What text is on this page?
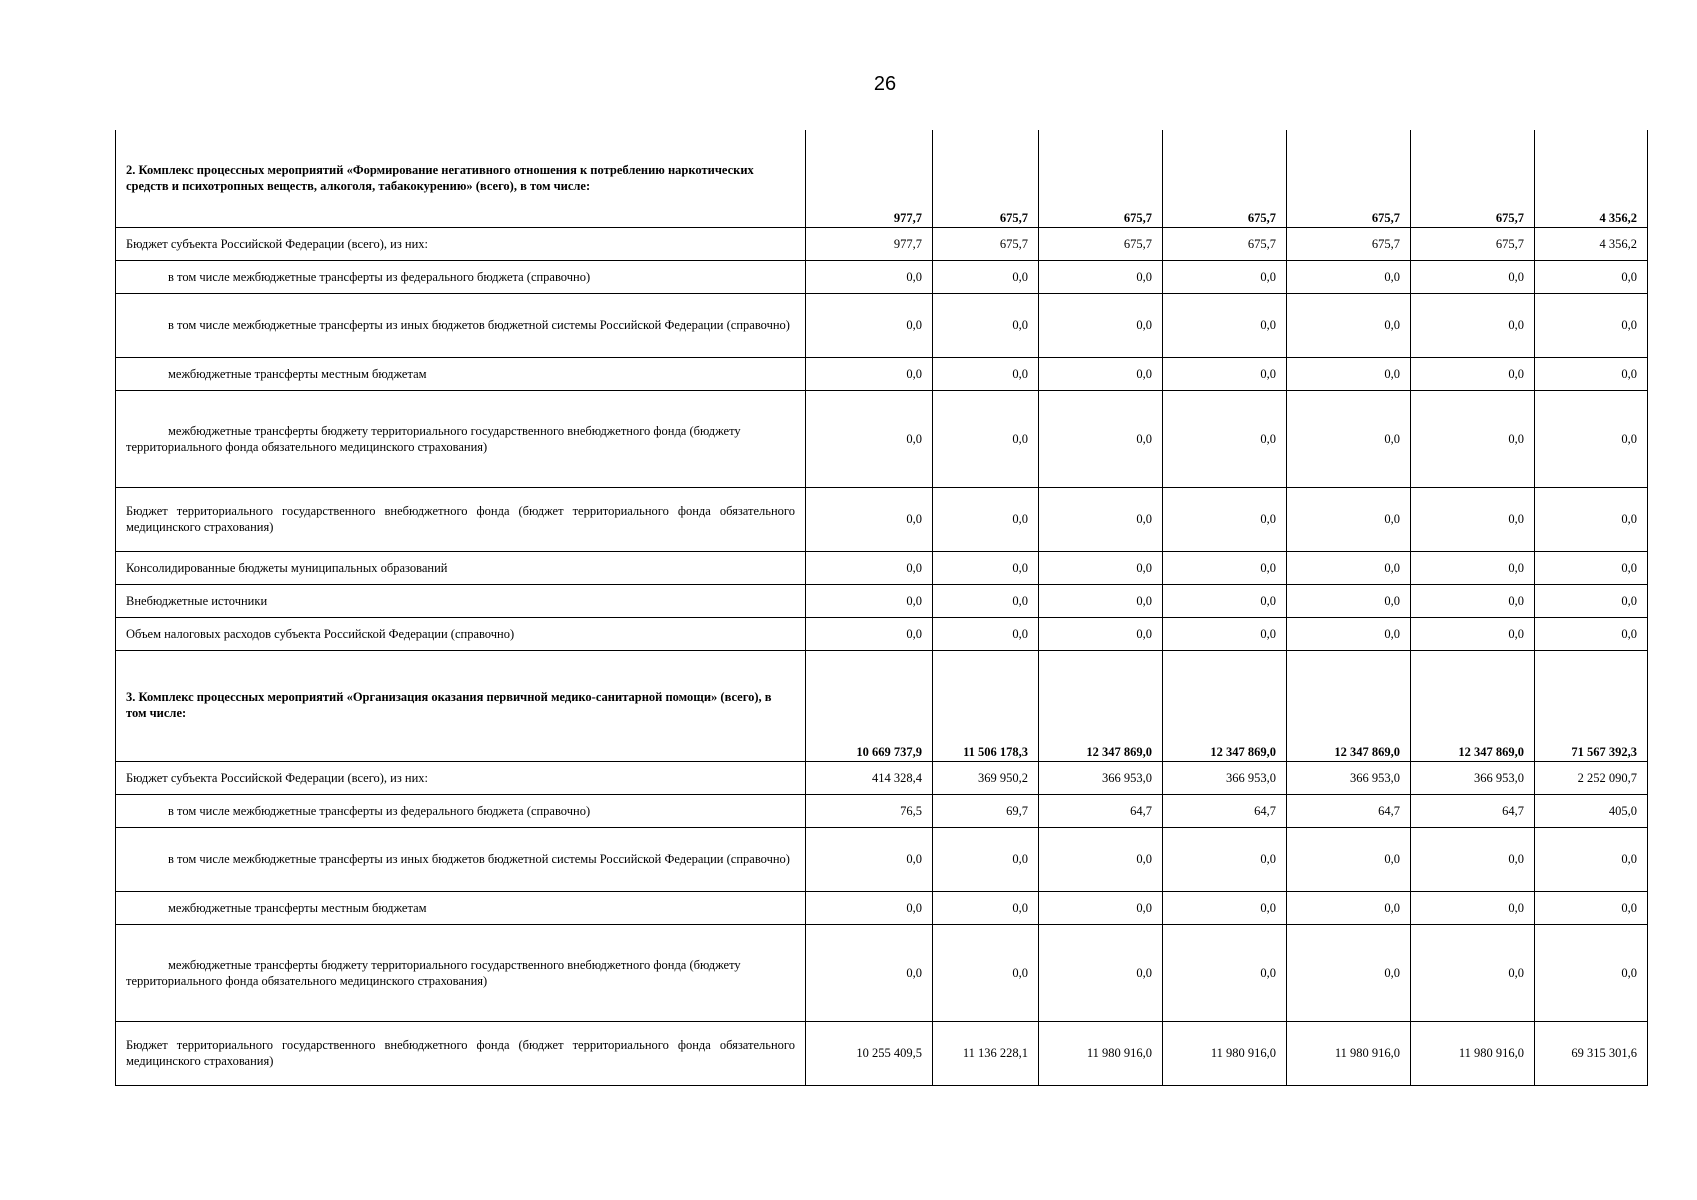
26
2. Комплекс процессных мероприятий «Формирование негативного отношения к потреблению наркотических средств и психотропных веществ, алкоголя, табакокурению» (всего), в том числе:	977,7	675,7	675,7	675,7	675,7	675,7	4 356,2
Бюджет субъекта Российской Федерации (всего), из них:	977,7	675,7	675,7	675,7	675,7	675,7	4 356,2
в том числе межбюджетные трансферты из федерального бюджета (справочно)	0,0	0,0	0,0	0,0	0,0	0,0	0,0
в том числе межбюджетные трансферты из иных бюджетов бюджетной системы Российской Федерации (справочно)	0,0	0,0	0,0	0,0	0,0	0,0	0,0
межбюджетные трансферты местным бюджетам	0,0	0,0	0,0	0,0	0,0	0,0	0,0
межбюджетные трансферты бюджету территориального государственного внебюджетного фонда (бюджету территориального фонда обязательного медицинского страхования)	0,0	0,0	0,0	0,0	0,0	0,0	0,0
Бюджет территориального государственного внебюджетного фонда (бюджет территориального фонда обязательного медицинского страхования)	0,0	0,0	0,0	0,0	0,0	0,0	0,0
Консолидированные бюджеты муниципальных образований	0,0	0,0	0,0	0,0	0,0	0,0	0,0
Внебюджетные источники	0,0	0,0	0,0	0,0	0,0	0,0	0,0
Объем налоговых расходов субъекта Российской Федерации (справочно)	0,0	0,0	0,0	0,0	0,0	0,0	0,0
3. Комплекс процессных мероприятий «Организация оказания первичной медико-санитарной помощи» (всего), в том числе:	10 669 737,9	11 506 178,3	12 347 869,0	12 347 869,0	12 347 869,0	12 347 869,0	71 567 392,3
Бюджет субъекта Российской Федерации (всего), из них:	414 328,4	369 950,2	366 953,0	366 953,0	366 953,0	366 953,0	2 252 090,7
в том числе межбюджетные трансферты из федерального бюджета (справочно)	76,5	69,7	64,7	64,7	64,7	64,7	405,0
в том числе межбюджетные трансферты из иных бюджетов бюджетной системы Российской Федерации (справочно)	0,0	0,0	0,0	0,0	0,0	0,0	0,0
межбюджетные трансферты местным бюджетам	0,0	0,0	0,0	0,0	0,0	0,0	0,0
межбюджетные трансферты бюджету территориального государственного внебюджетного фонда (бюджету территориального фонда обязательного медицинского страхования)	0,0	0,0	0,0	0,0	0,0	0,0	0,0
Бюджет территориального государственного внебюджетного фонда (бюджет территориального фонда обязательного медицинского страхования)	10 255 409,5	11 136 228,1	11 980 916,0	11 980 916,0	11 980 916,0	11 980 916,0	69 315 301,6
